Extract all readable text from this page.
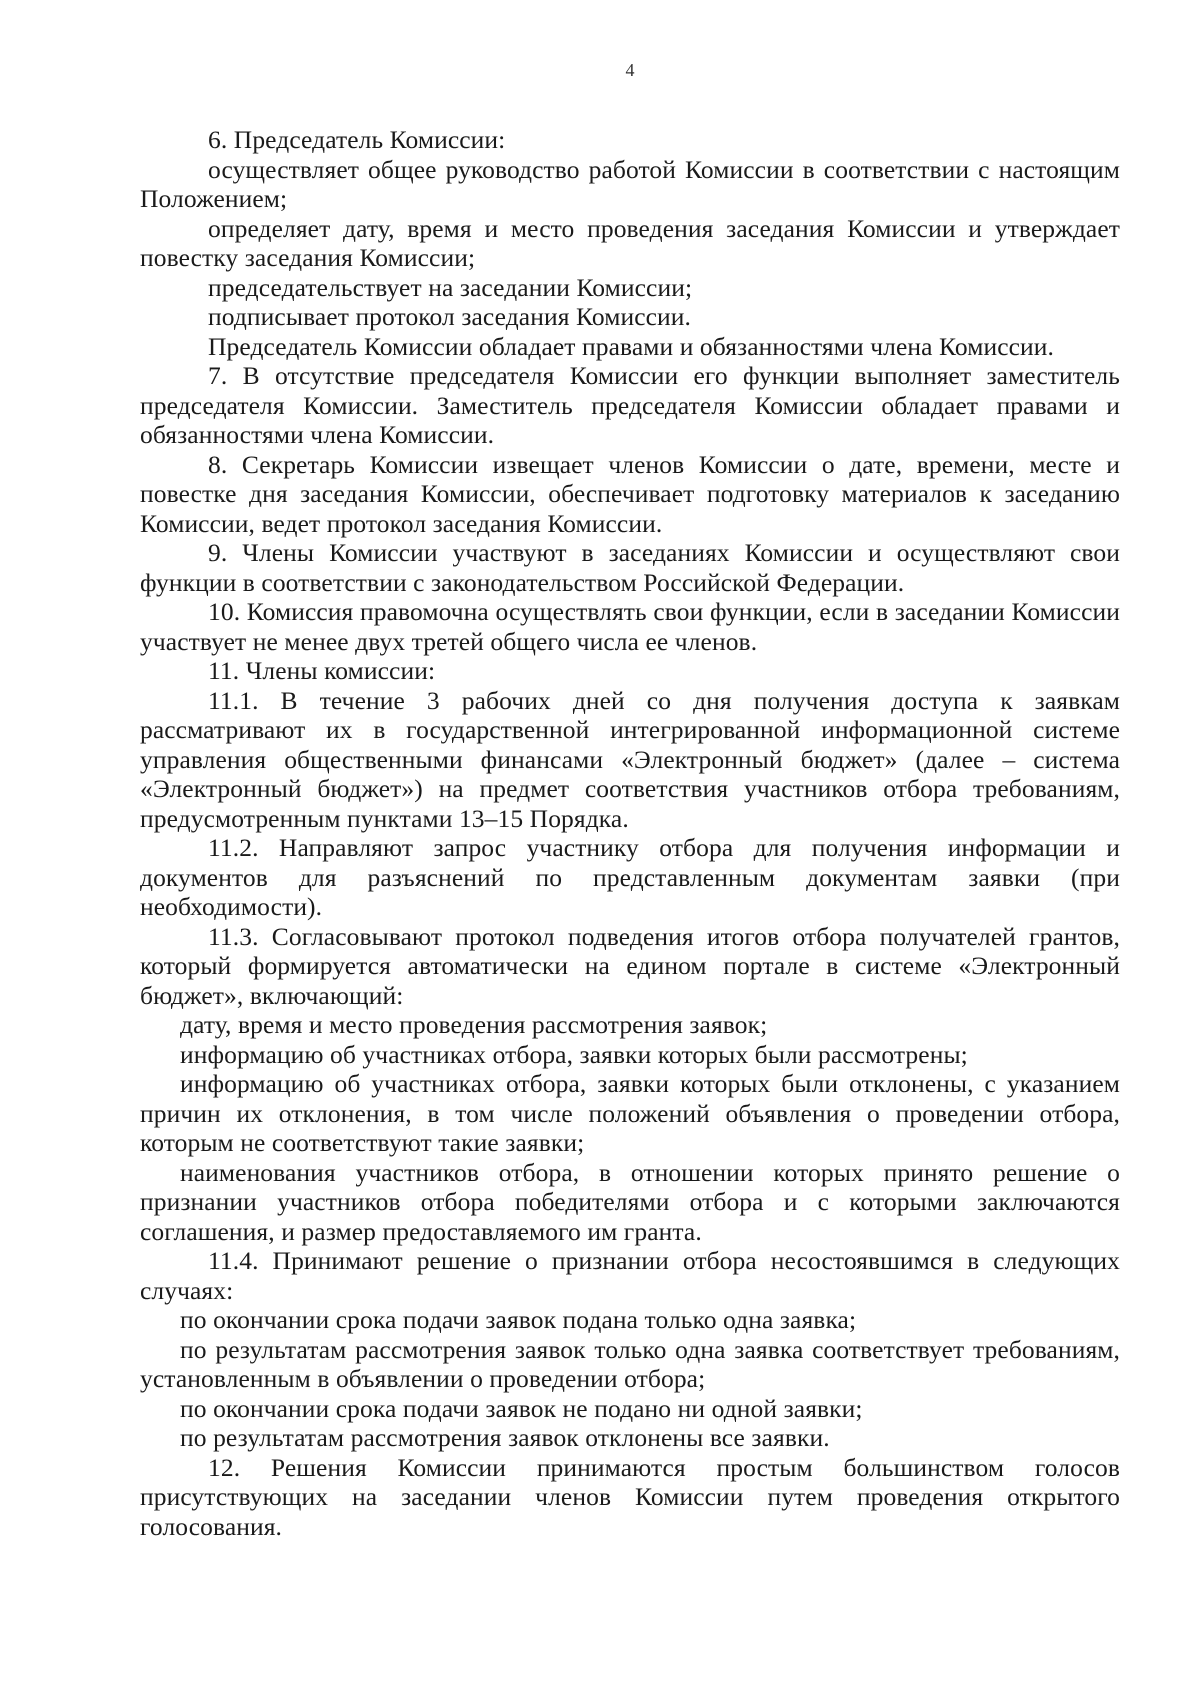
4

6. Председатель Комиссии:

осуществляет общее руководство работой Комиссии в соответствии с настоящим Положением;

определяет дату, время и место проведения заседания Комиссии и утверждает повестку заседания Комиссии;

председательствует на заседании Комиссии;

подписывает протокол заседания Комиссии.

Председатель Комиссии обладает правами и обязанностями члена Комиссии.

7. В отсутствие председателя Комиссии его функции выполняет заместитель председателя Комиссии. Заместитель председателя Комиссии обладает правами и обязанностями члена Комиссии.

8. Секретарь Комиссии извещает членов Комиссии о дате, времени, месте и повестке дня заседания Комиссии, обеспечивает подготовку материалов к заседанию Комиссии, ведет протокол заседания Комиссии.

9. Члены Комиссии участвуют в заседаниях Комиссии и осуществляют свои функции в соответствии с законодательством Российской Федерации.

10. Комиссия правомочна осуществлять свои функции, если в заседании Комиссии участвует не менее двух третей общего числа ее членов.

11. Члены комиссии:

11.1. В течение 3 рабочих дней со дня получения доступа к заявкам рассматривают их в государственной интегрированной информационной системе управления общественными финансами «Электронный бюджет» (далее – система «Электронный бюджет») на предмет соответствия участников отбора требованиям, предусмотренным пунктами 13–15 Порядка.

11.2. Направляют запрос участнику отбора для получения информации и документов для разъяснений по представленным документам заявки (при необходимости).

11.3. Согласовывают протокол подведения итогов отбора получателей грантов, который формируется автоматически на едином портале в системе «Электронный бюджет», включающий:

дату, время и место проведения рассмотрения заявок;

информацию об участниках отбора, заявки которых были рассмотрены;

информацию об участниках отбора, заявки которых были отклонены, с указанием причин их отклонения, в том числе положений объявления о проведении отбора, которым не соответствуют такие заявки;

наименования участников отбора, в отношении которых принято решение о признании участников отбора победителями отбора и с которыми заключаются соглашения, и размер предоставляемого им гранта.

11.4. Принимают решение о признании отбора несостоявшимся в следующих случаях:

по окончании срока подачи заявок подана только одна заявка;

по результатам рассмотрения заявок только одна заявка соответствует требованиям, установленным в объявлении о проведении отбора;

по окончании срока подачи заявок не подано ни одной заявки;

по результатам рассмотрения заявок отклонены все заявки.

12. Решения Комиссии принимаются простым большинством голосов присутствующих на заседании членов Комиссии путем проведения открытого голосования.
